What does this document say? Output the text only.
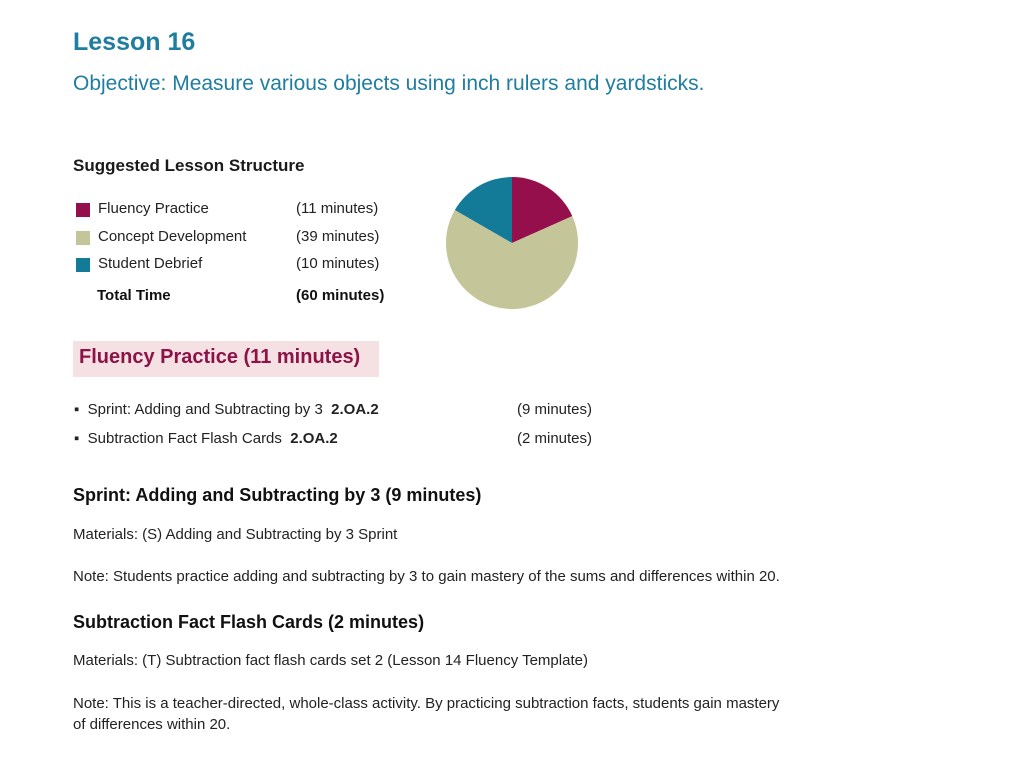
Lesson 16
Objective: Measure various objects using inch rulers and yardsticks.
Suggested Lesson Structure
Fluency Practice	(11 minutes)
Concept Development	(39 minutes)
Student Debrief	(10 minutes)
Total Time	(60 minutes)
Fluency Practice (11 minutes)
▪  Sprint: Adding and Subtracting by 3 2.OA.2	(9 minutes)
▪  Subtraction Fact Flash Cards 2.OA.2	(2 minutes)
Sprint: Adding and Subtracting by 3 (9 minutes)
Materials: (S) Adding and Subtracting by 3 Sprint
Note: Students practice adding and subtracting by 3 to gain mastery of the sums and differences within 20.
Subtraction Fact Flash Cards (2 minutes)
Materials: (T) Subtraction fact flash cards set 2 (Lesson 14 Fluency Template)
Note: This is a teacher-directed, whole-class activity. By practicing subtraction facts, students gain mastery
of differences within 20.
